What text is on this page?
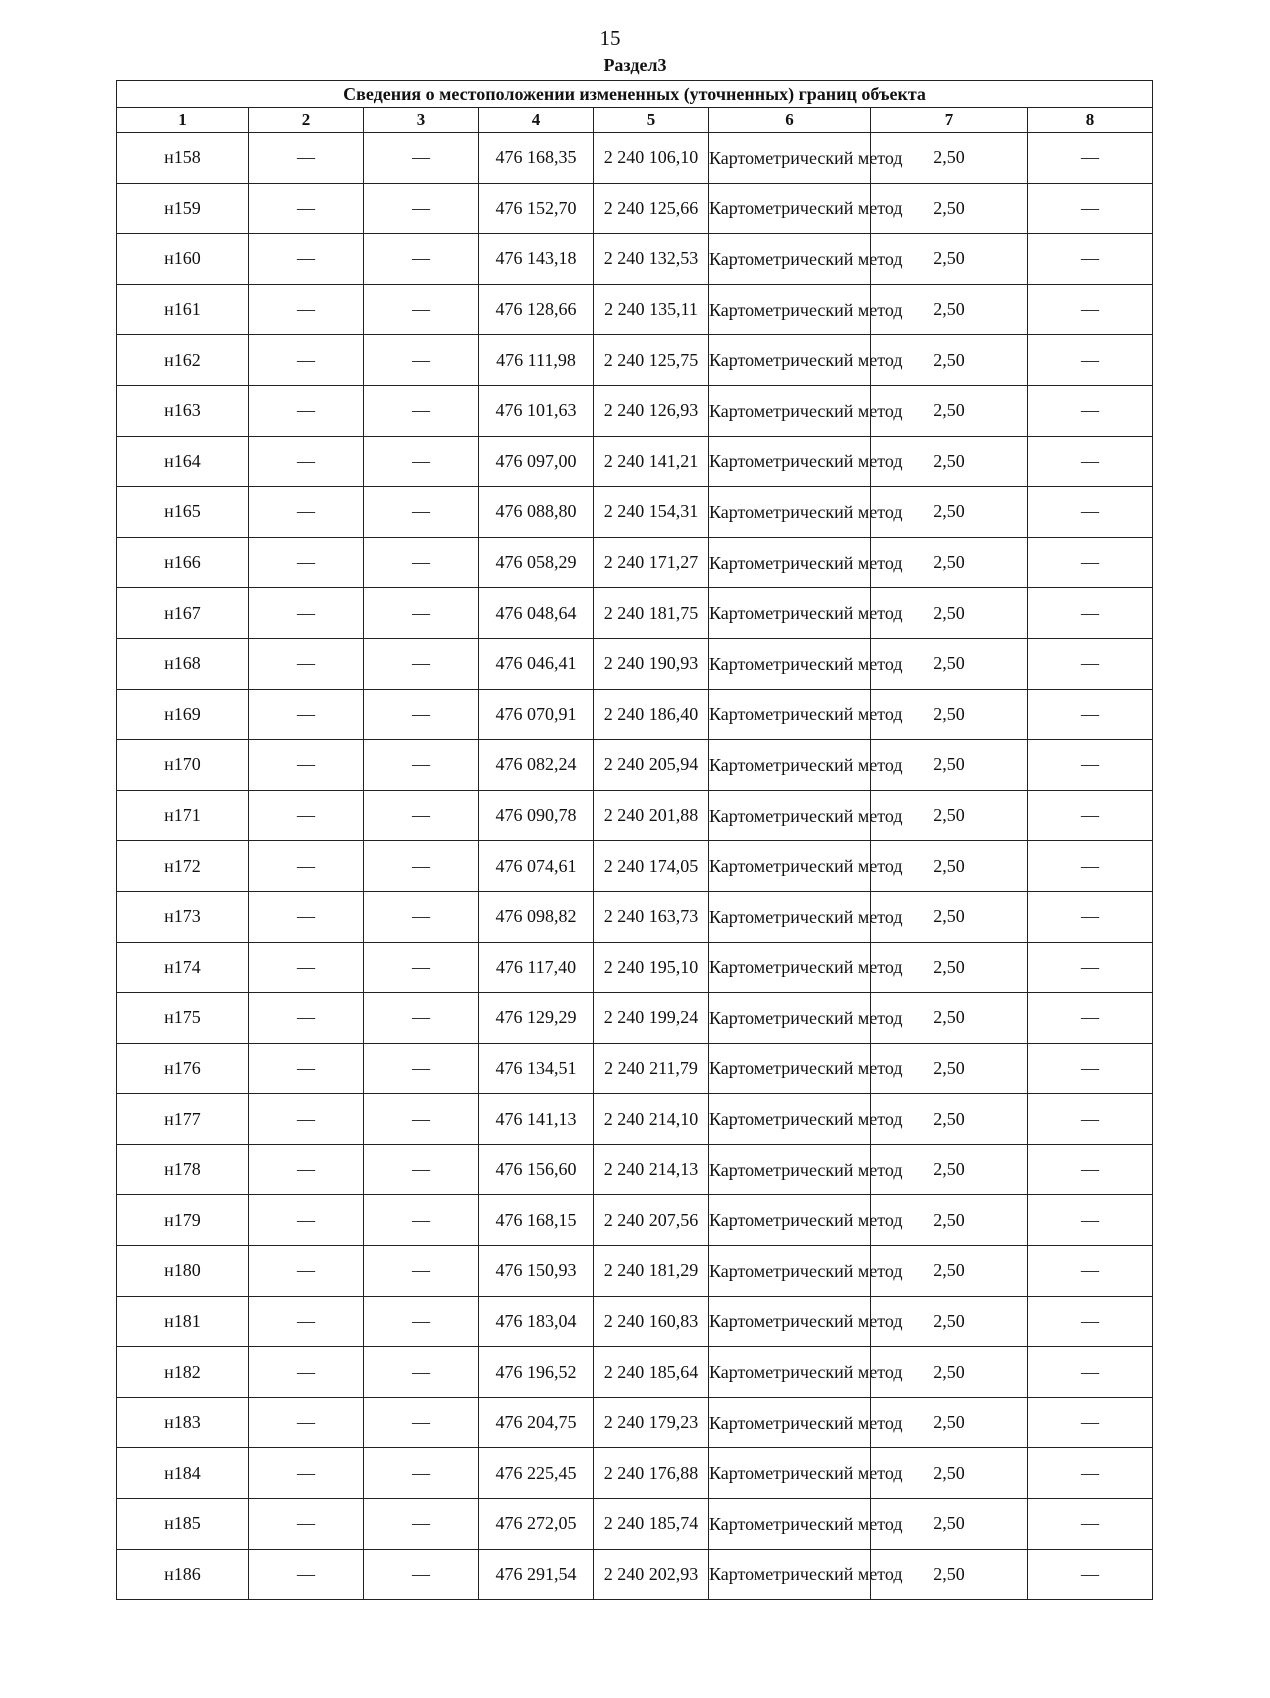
15
Раздел3
Сведения о местоположении измененных (уточненных) границ объекта							
1	2	3	4	5	6	7	8
н158	—	—	476 168,35	2 240 106,10	Картометрический метод	2,50	—
н159	—	—	476 152,70	2 240 125,66	Картометрический метод	2,50	—
н160	—	—	476 143,18	2 240 132,53	Картометрический метод	2,50	—
н161	—	—	476 128,66	2 240 135,11	Картометрический метод	2,50	—
н162	—	—	476 111,98	2 240 125,75	Картометрический метод	2,50	—
н163	—	—	476 101,63	2 240 126,93	Картометрический метод	2,50	—
н164	—	—	476 097,00	2 240 141,21	Картометрический метод	2,50	—
н165	—	—	476 088,80	2 240 154,31	Картометрический метод	2,50	—
н166	—	—	476 058,29	2 240 171,27	Картометрический метод	2,50	—
н167	—	—	476 048,64	2 240 181,75	Картометрический метод	2,50	—
н168	—	—	476 046,41	2 240 190,93	Картометрический метод	2,50	—
н169	—	—	476 070,91	2 240 186,40	Картометрический метод	2,50	—
н170	—	—	476 082,24	2 240 205,94	Картометрический метод	2,50	—
н171	—	—	476 090,78	2 240 201,88	Картометрический метод	2,50	—
н172	—	—	476 074,61	2 240 174,05	Картометрический метод	2,50	—
н173	—	—	476 098,82	2 240 163,73	Картометрический метод	2,50	—
н174	—	—	476 117,40	2 240 195,10	Картометрический метод	2,50	—
н175	—	—	476 129,29	2 240 199,24	Картометрический метод	2,50	—
н176	—	—	476 134,51	2 240 211,79	Картометрический метод	2,50	—
н177	—	—	476 141,13	2 240 214,10	Картометрический метод	2,50	—
н178	—	—	476 156,60	2 240 214,13	Картометрический метод	2,50	—
н179	—	—	476 168,15	2 240 207,56	Картометрический метод	2,50	—
н180	—	—	476 150,93	2 240 181,29	Картометрический метод	2,50	—
н181	—	—	476 183,04	2 240 160,83	Картометрический метод	2,50	—
н182	—	—	476 196,52	2 240 185,64	Картометрический метод	2,50	—
н183	—	—	476 204,75	2 240 179,23	Картометрический метод	2,50	—
н184	—	—	476 225,45	2 240 176,88	Картометрический метод	2,50	—
н185	—	—	476 272,05	2 240 185,74	Картометрический метод	2,50	—
н186	—	—	476 291,54	2 240 202,93	Картометрический метод	2,50	—
